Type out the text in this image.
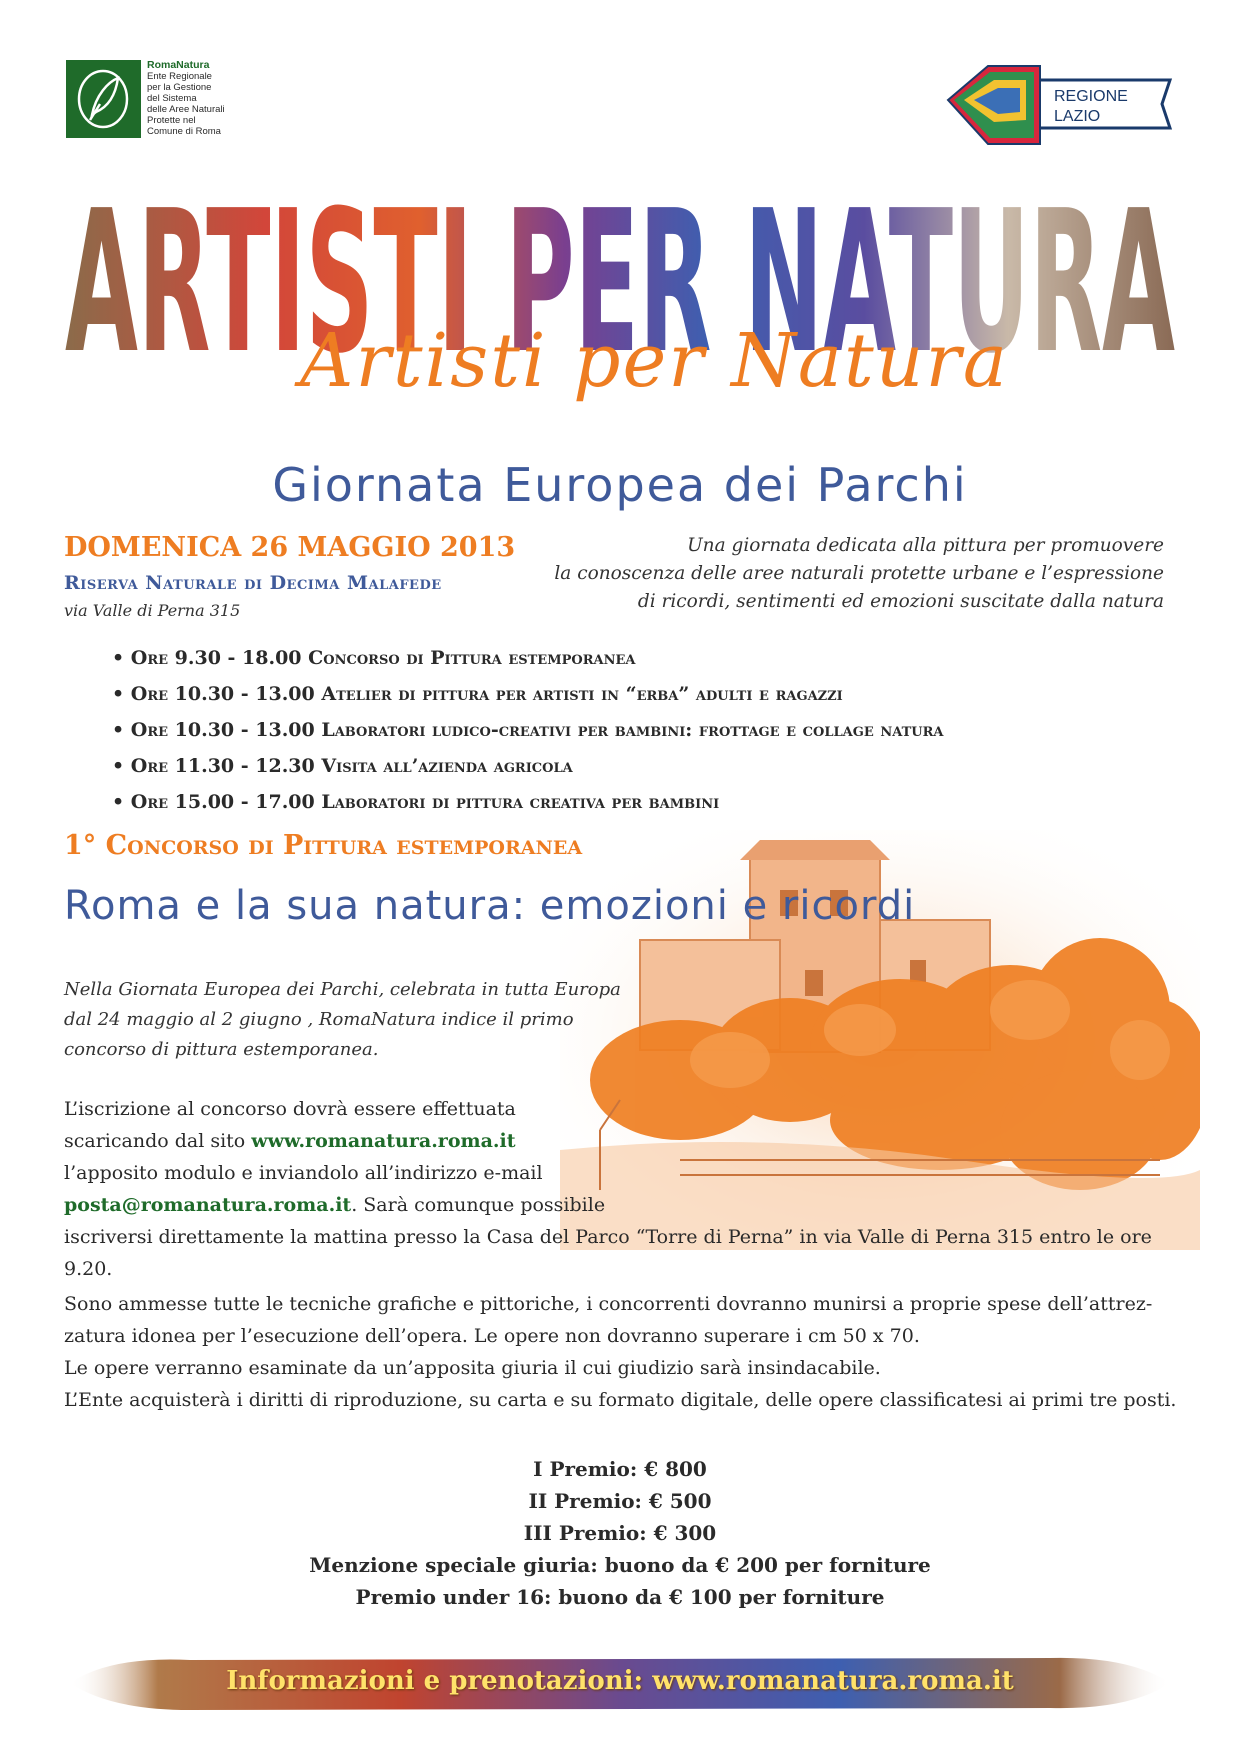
RomaNatura
Ente Regionale
per la Gestione
del Sistema
delle Aree Naturali
Protette nel
Comune di Roma
REGIONE
LAZIO
ARTISTI PER NATURA
Artisti per Natura
Giornata Europea dei Parchi
DOMENICA 26 MAGGIO 2013
Riserva Naturale di Decima Malafede
via Valle di Perna 315
Una giornata dedicata alla pittura per promuovere
la conoscenza delle aree naturali protette urbane e l’espressione
di ricordi, sentimenti ed emozioni suscitate dalla natura
• Ore 9.30 - 18.00 Concorso di Pittura estemporanea
• Ore 10.30 - 13.00 Atelier di pittura per artisti in “erba” adulti e ragazzi
• Ore 10.30 - 13.00 Laboratori ludico-creativi per bambini: frottage e collage natura
• Ore 11.30 - 12.30 Visita all’azienda agricola
• Ore 15.00 - 17.00 Laboratori di pittura creativa per bambini
1° Concorso di Pittura estemporanea
Roma e la sua natura: emozioni e ricordi
Nella Giornata Europea dei Parchi, celebrata in tutta Europa
dal 24 maggio al 2 giugno , RomaNatura indice il primo
concorso di pittura estemporanea.
L’iscrizione al concorso dovrà essere effettuata
scaricando dal sito www.romanatura.roma.it
l’apposito modulo e inviandolo all’indirizzo e-mail
posta@romanatura.roma.it. Sarà comunque possibile
iscriversi direttamente la mattina presso la Casa del Parco “Torre di Perna” in via Valle di Perna 315 entro le ore 9.20.
Sono ammesse tutte le tecniche grafiche e pittoriche, i concorrenti dovranno munirsi a proprie spese dell’attrez-
zatura idonea per l’esecuzione dell’opera. Le opere non dovranno superare i cm 50 x 70.
Le opere verranno esaminate da un’apposita giuria il cui giudizio sarà insindacabile.
L’Ente acquisterà i diritti di riproduzione, su carta e su formato digitale, delle opere classificatesi ai primi tre posti.
I Premio: € 800
II Premio: € 500
III Premio: € 300
Menzione speciale giuria: buono da € 200 per forniture
Premio under 16: buono da € 100 per forniture
Informazioni e prenotazioni: www.romanatura.roma.it
